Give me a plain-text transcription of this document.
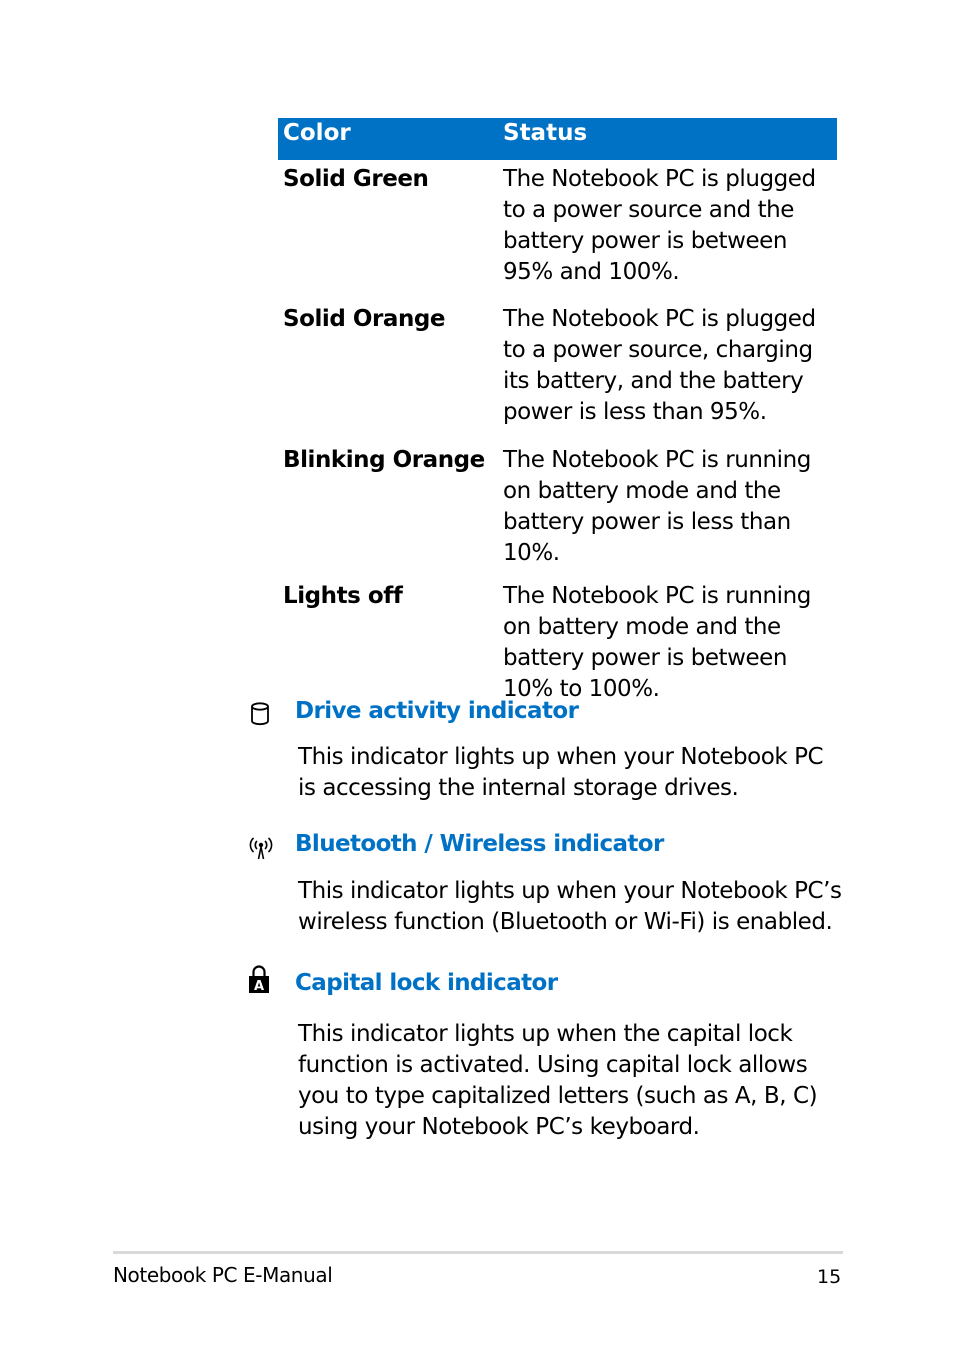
Color	Status
Solid Green	The Notebook PC is plugged to a power source and the battery power is between 95% and 100%.
Solid Orange	The Notebook PC is plugged to a power source, charging its battery, and the battery power is less than 95%.
Blinking Orange	The Notebook PC is running on battery mode and the battery power is less than 10%.
Lights off	The Notebook PC is running on battery mode and the battery power is between 10% to 100%.
Drive activity indicator

This indicator lights up when your Notebook PC is accessing the internal storage drives.

Bluetooth / Wireless indicator

This indicator lights up when your Notebook PC’s wireless function (Bluetooth or Wi-Fi) is enabled.

A Capital lock indicator

This indicator lights up when the capital lock function is activated. Using capital lock allows you to type capitalized letters (such as A, B, C) using your Notebook PC’s keyboard.

Notebook PC E-Manual	15
